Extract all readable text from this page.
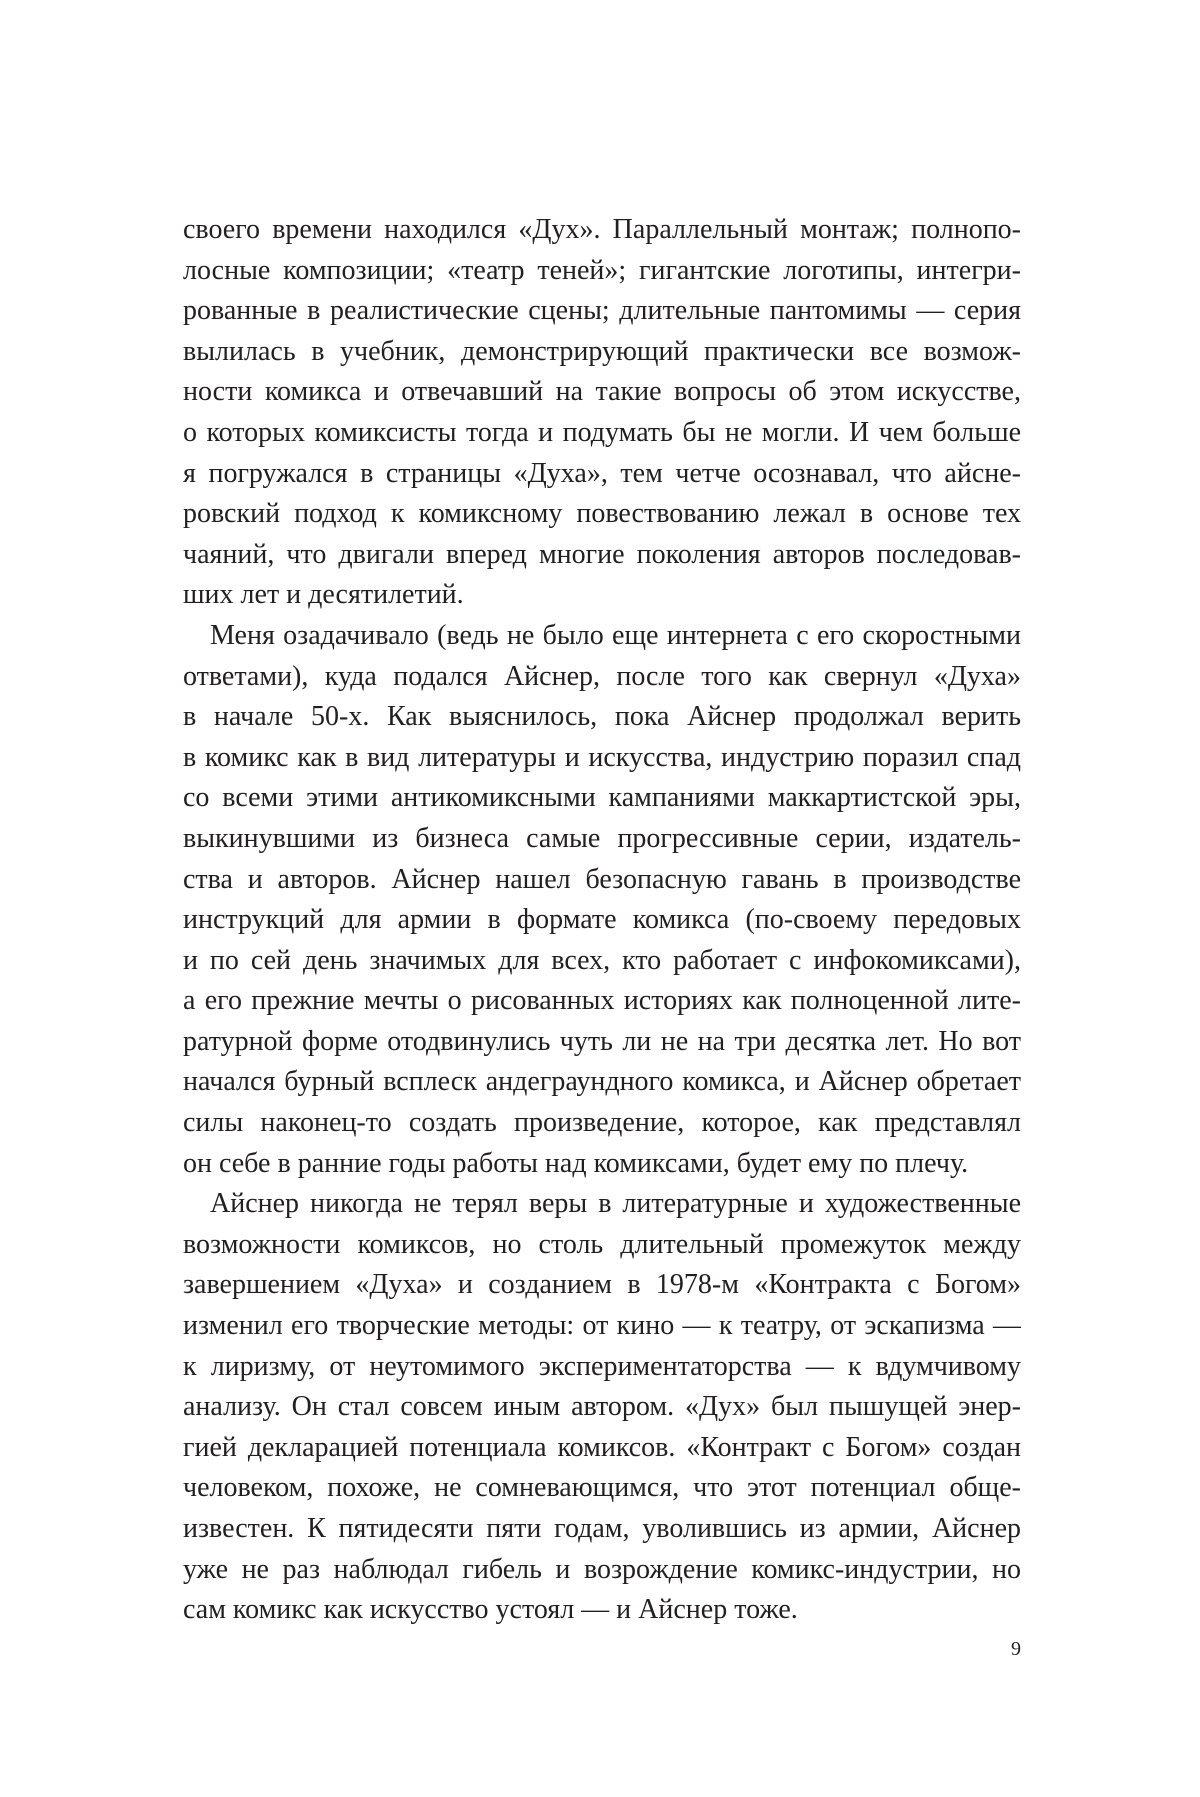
своего времени находился «Дух». Параллельный монтаж; полнопо-
лосные композиции; «театр теней»; гигантские логотипы, интегри-
рованные в реалистические сцены; длительные пантомимы — серия
вылилась в учебник, демонстрирующий практически все возмож-
ности комикса и отвечавший на такие вопросы об этом искусстве,
о которых комиксисты тогда и подумать бы не могли. И чем больше
я погружался в страницы «Духа», тем четче осознавал, что айсне-
ровский подход к комиксному повествованию лежал в основе тех
чаяний, что двигали вперед многие поколения авторов последовав-
ших лет и десятилетий.
Меня озадачивало (ведь не было еще интернета с его скоростными
ответами), куда подался Айснер, после того как свернул «Духа»
в начале 50-х. Как выяснилось, пока Айснер продолжал верить
в комикс как в вид литературы и искусства, индустрию поразил спад
со всеми этими антикомиксными кампаниями маккартистской эры,
выкинувшими из бизнеса самые прогрессивные серии, издатель-
ства и авторов. Айснер нашел безопасную гавань в производстве
инструкций для армии в формате комикса (по-своему передовых
и по сей день значимых для всех, кто работает с инфокомиксами),
а его прежние мечты о рисованных историях как полноценной лите-
ратурной форме отодвинулись чуть ли не на три десятка лет. Но вот
начался бурный всплеск андеграундного комикса, и Айснер обретает
силы наконец-то создать произведение, которое, как представлял
он себе в ранние годы работы над комиксами, будет ему по плечу.
Айснер никогда не терял веры в литературные и художественные
возможности комиксов, но столь длительный промежуток между
завершением «Духа» и созданием в 1978-м «Контракта с Богом»
изменил его творческие методы: от кино — к театру, от эскапизма —
к лиризму, от неутомимого экспериментаторства — к вдумчивому
анализу. Он стал совсем иным автором. «Дух» был пышущей энер-
гией декларацией потенциала комиксов. «Контракт с Богом» создан
человеком, похоже, не сомневающимся, что этот потенциал обще-
известен. К пятидесяти пяти годам, уволившись из армии, Айснер
уже не раз наблюдал гибель и возрождение комикс-индустрии, но
сам комикс как искусство устоял — и Айснер тоже.
9
